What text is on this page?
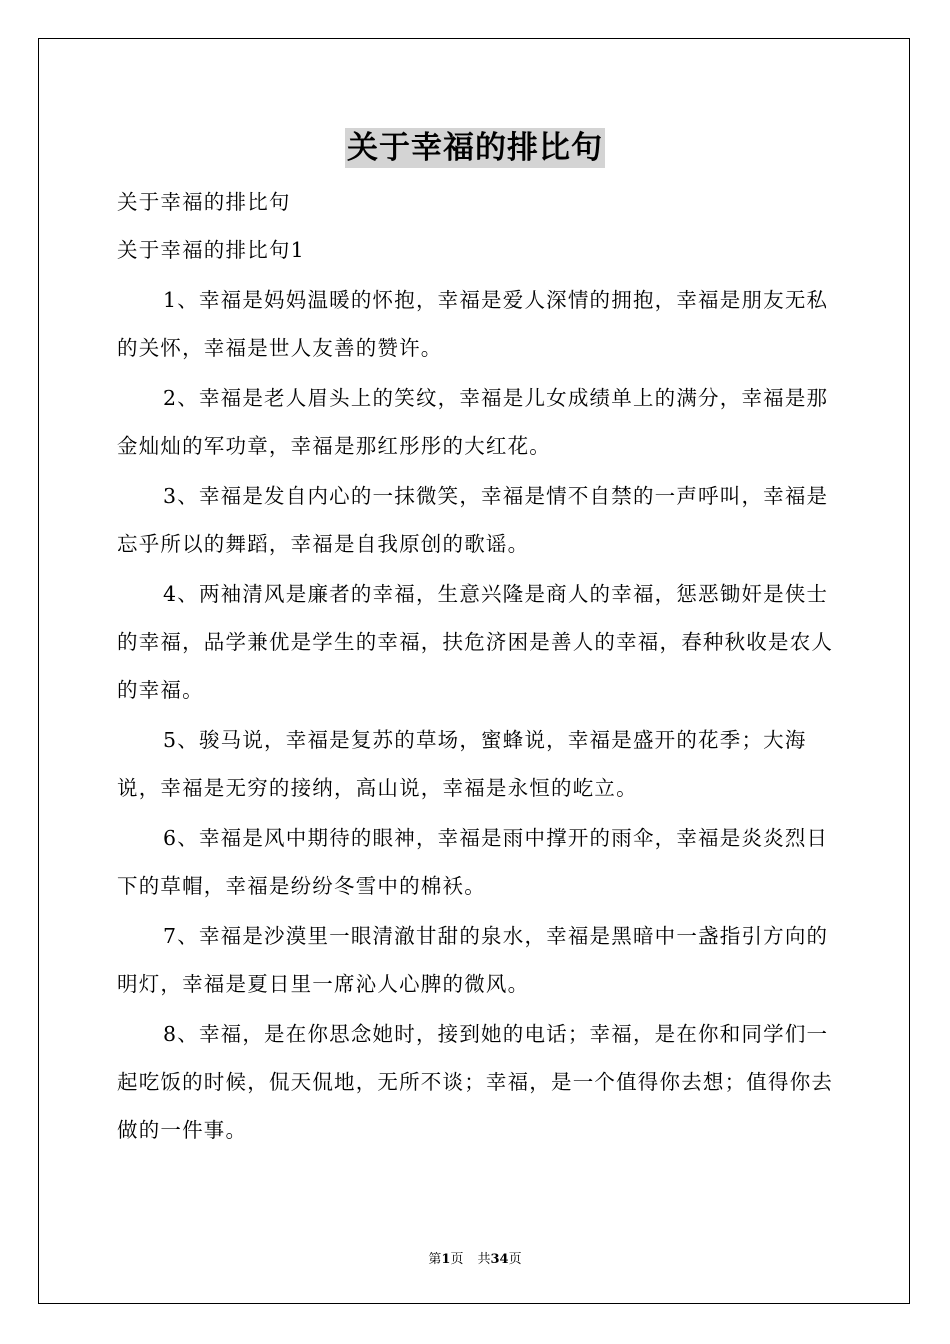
关于幸福的排比句

关于幸福的排比句

关于幸福的排比句1

1、幸福是妈妈温暖的怀抱，幸福是爱人深情的拥抱，幸福是朋友无私的关怀，幸福是世人友善的赞许。

2、幸福是老人眉头上的笑纹，幸福是儿女成绩单上的满分，幸福是那金灿灿的军功章，幸福是那红彤彤的大红花。

3、幸福是发自内心的一抹微笑，幸福是情不自禁的一声呼叫，幸福是忘乎所以的舞蹈，幸福是自我原创的歌谣。

4、两袖清风是廉者的幸福，生意兴隆是商人的幸福，惩恶锄奸是侠士的幸福，品学兼优是学生的幸福，扶危济困是善人的幸福，春种秋收是农人的幸福。

5、骏马说，幸福是复苏的草场，蜜蜂说，幸福是盛开的花季；大海说，幸福是无穷的接纳，高山说，幸福是永恒的屹立。

6、幸福是风中期待的眼神，幸福是雨中撑开的雨伞，幸福是炎炎烈日下的草帽，幸福是纷纷冬雪中的棉袄。

7、幸福是沙漠里一眼清澈甘甜的泉水，幸福是黑暗中一盏指引方向的明灯，幸福是夏日里一席沁人心脾的微风。

8、幸福，是在你思念她时，接到她的电话；幸福，是在你和同学们一起吃饭的时候，侃天侃地，无所不谈；幸福，是一个值得你去想；值得你去做的一件事。

第1页 共34页
